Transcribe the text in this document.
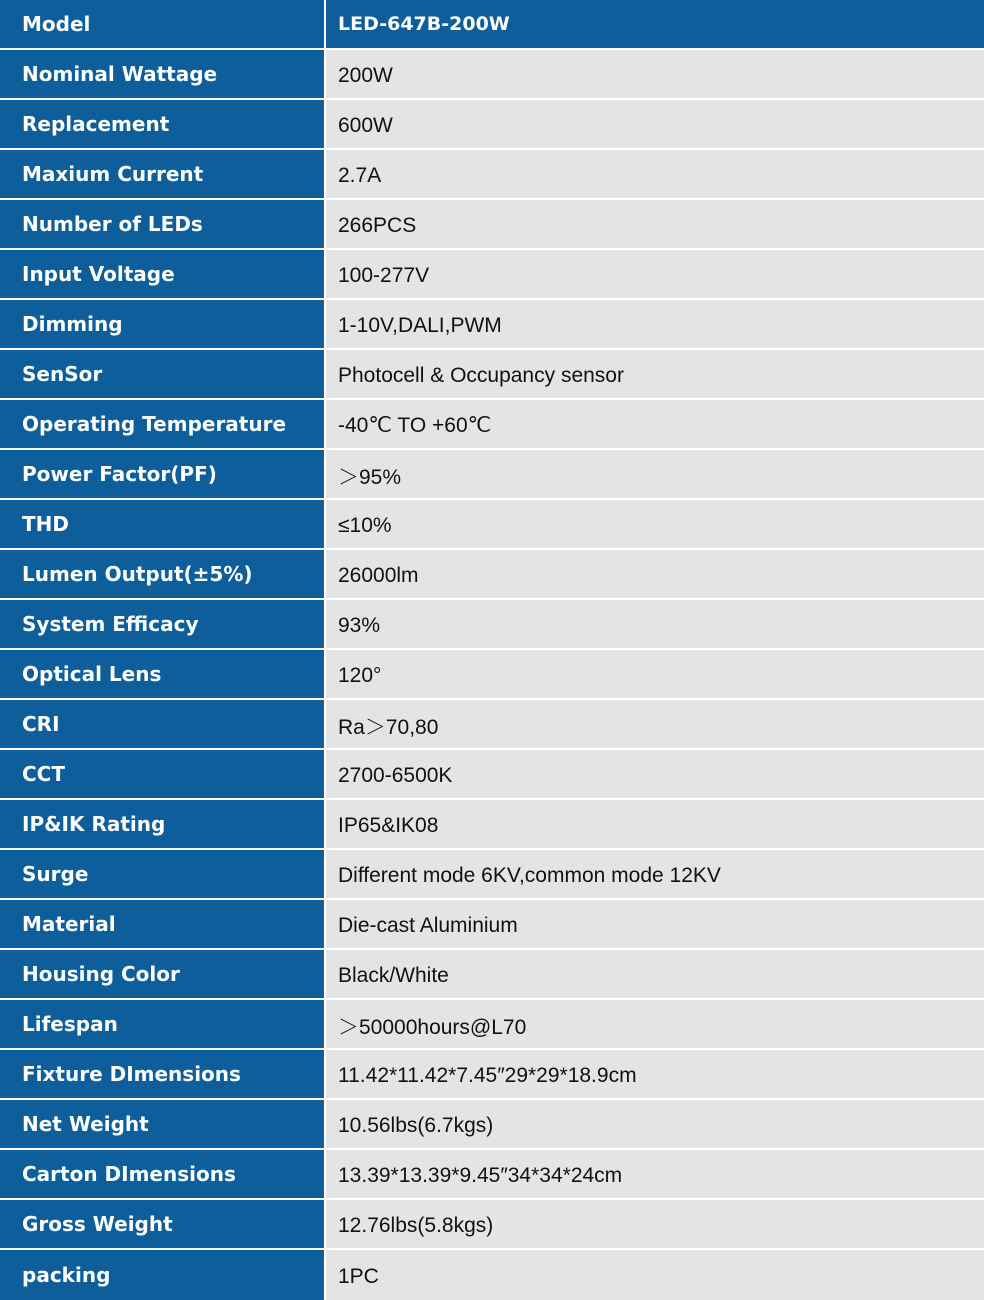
Model	LED-647B-200W
Nominal Wattage	200W
Replacement	600W
Maxium Current	2.7A
Number of LEDs	266PCS
Input Voltage	100-277V
Dimming	1-10V,DALI,PWM
SenSor	Photocell & Occupancy sensor
Operating Temperature	-40℃ TO +60℃
Power Factor(PF)	＞95%
THD	≤10%
Lumen Output(±5%)	26000lm
System Efficacy	93%
Optical Lens	120°
CRI	Ra＞70,80
CCT	2700-6500K
IP&IK Rating	IP65&IK08
Surge	Different mode 6KV,common mode 12KV
Material	Die-cast Aluminium
Housing Color	Black/White
Lifespan	＞50000hours@L70
Fixture DImensions	11.42*11.42*7.45″29*29*18.9cm
Net Weight	10.56lbs(6.7kgs)
Carton DImensions	13.39*13.39*9.45″34*34*24cm
Gross Weight	12.76lbs(5.8kgs)
packing	1PC
